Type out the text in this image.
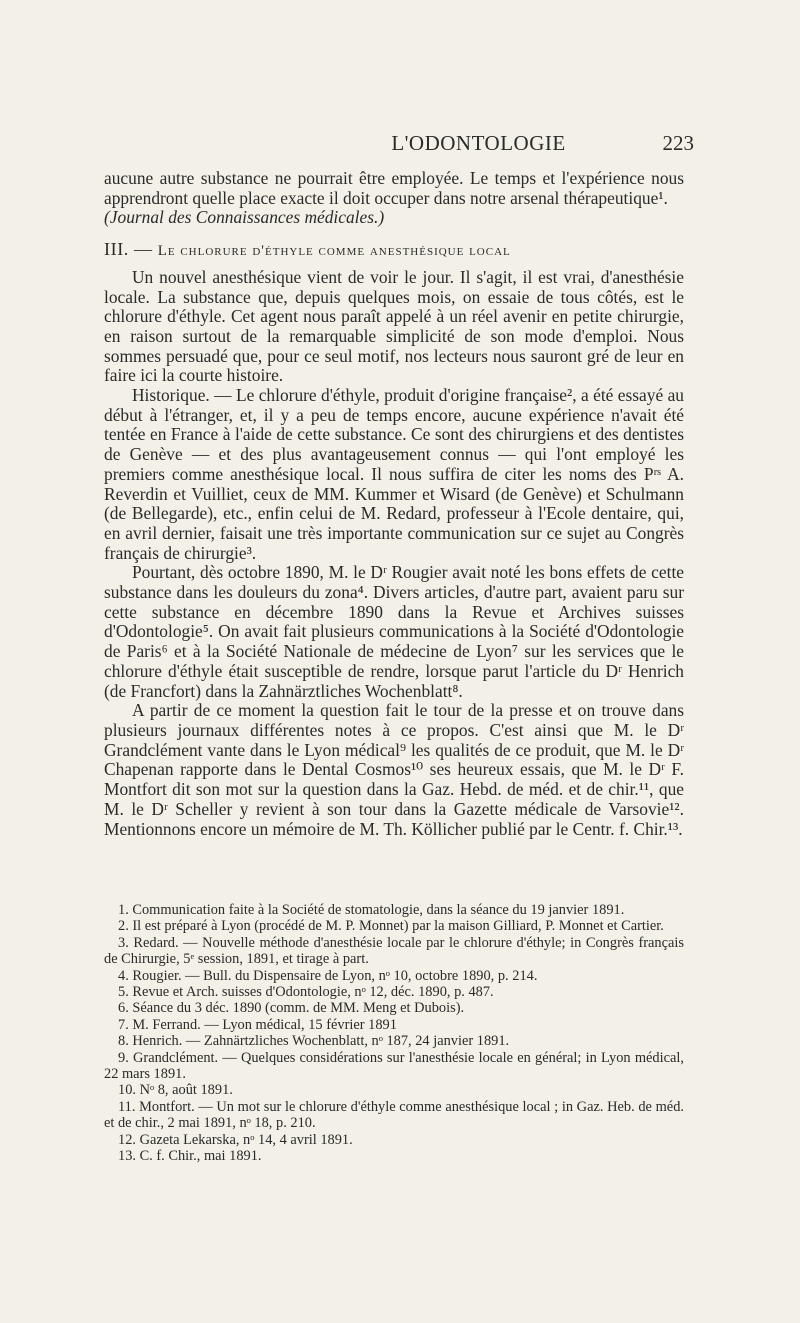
L'ODONTOLOGIE	223

aucune autre substance ne pourrait être employée. Le temps et l'expérience nous apprendront quelle place exacte il doit occuper dans notre arsenal thérapeutique¹.

(Journal des Connaissances médicales.)

III. — Le chlorure d'éthyle comme anesthésique local

Un nouvel anesthésique vient de voir le jour. Il s'agit, il est vrai, d'anesthésie locale. La substance que, depuis quelques mois, on essaie de tous côtés, est le chlorure d'éthyle. Cet agent nous paraît appelé à un réel avenir en petite chirurgie, en raison surtout de la remarquable simplicité de son mode d'emploi. Nous sommes persuadé que, pour ce seul motif, nos lecteurs nous sauront gré de leur en faire ici la courte histoire.

Historique. — Le chlorure d'éthyle, produit d'origine française², a été essayé au début à l'étranger, et, il y a peu de temps encore, aucune expérience n'avait été tentée en France à l'aide de cette substance. Ce sont des chirurgiens et des dentistes de Genève — et des plus avantageusement connus — qui l'ont employé les premiers comme anesthésique local. Il nous suffira de citer les noms des Pʳˢ A. Reverdin et Vuilliet, ceux de MM. Kummer et Wisard (de Genève) et Schulmann (de Bellegarde), etc., enfin celui de M. Redard, professeur à l'Ecole dentaire, qui, en avril dernier, faisait une très importante communication sur ce sujet au Congrès français de chirurgie³.

Pourtant, dès octobre 1890, M. le Dʳ Rougier avait noté les bons effets de cette substance dans les douleurs du zona⁴. Divers articles, d'autre part, avaient paru sur cette substance en décembre 1890 dans la Revue et Archives suisses d'Odontologie⁵. On avait fait plusieurs communications à la Société d'Odontologie de Paris⁶ et à la Société Nationale de médecine de Lyon⁷ sur les services que le chlorure d'éthyle était susceptible de rendre, lorsque parut l'article du Dʳ Henrich (de Francfort) dans la Zahnärztliches Wochenblatt⁸.

A partir de ce moment la question fait le tour de la presse et on trouve dans plusieurs journaux différentes notes à ce propos. C'est ainsi que M. le Dʳ Grandclément vante dans le Lyon médical⁹ les qualités de ce produit, que M. le Dʳ Chapenan rapporte dans le Dental Cosmos¹⁰ ses heureux essais, que M. le Dʳ F. Montfort dit son mot sur la question dans la Gaz. Hebd. de méd. et de chir.¹¹, que M. le Dʳ Scheller y revient à son tour dans la Gazette médicale de Varsovie¹². Mentionnons encore un mémoire de M. Th. Köllicher publié par le Centr. f. Chir.¹³.

1. Communication faite à la Société de stomatologie, dans la séance du 19 janvier 1891.

2. Il est préparé à Lyon (procédé de M. P. Monnet) par la maison Gilliard, P. Monnet et Cartier.

3. Redard. — Nouvelle méthode d'anesthésie locale par le chlorure d'éthyle; in Congrès français de Chirurgie, 5ᵉ session, 1891, et tirage à part.

4. Rougier. — Bull. du Dispensaire de Lyon, nᵒ 10, octobre 1890, p. 214.

5. Revue et Arch. suisses d'Odontologie, nᵒ 12, déc. 1890, p. 487.

6. Séance du 3 déc. 1890 (comm. de MM. Meng et Dubois).

7. M. Ferrand. — Lyon médical, 15 février 1891

8. Henrich. — Zahnärtzliches Wochenblatt, nᵒ 187, 24 janvier 1891.

9. Grandclément. — Quelques considérations sur l'anesthésie locale en général; in Lyon médical, 22 mars 1891.

10. Nᵒ 8, août 1891.

11. Montfort. — Un mot sur le chlorure d'éthyle comme anesthésique local ; in Gaz. Heb. de méd. et de chir., 2 mai 1891, nᵒ 18, p. 210.

12. Gazeta Lekarska, nᵒ 14, 4 avril 1891.

13. C. f. Chir., mai 1891.
